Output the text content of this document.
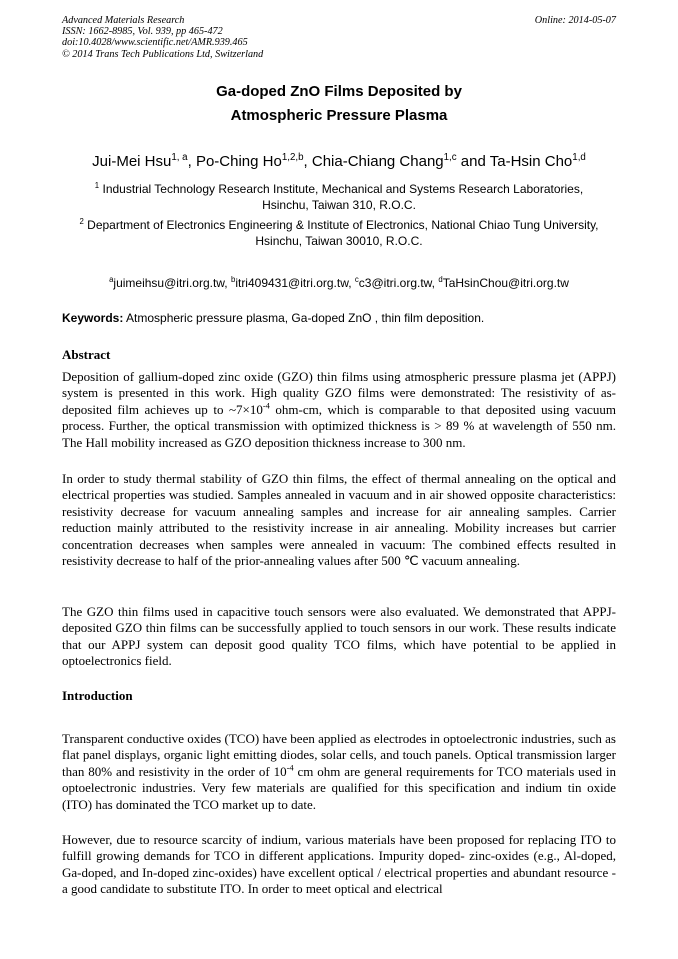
Advanced Materials Research
ISSN: 1662-8985, Vol. 939, pp 465-472
doi:10.4028/www.scientific.net/AMR.939.465
© 2014 Trans Tech Publications Ltd, Switzerland
Online: 2014-05-07
Ga-doped ZnO Films Deposited by
Atmospheric Pressure Plasma
Jui-Mei Hsu$^{1, a}$, Po-Ching Ho$^{1,2,b}$, Chia-Chiang Chang$^{1,c}$ and Ta-Hsin Cho$^{1,d}$
$^1$ Industrial Technology Research Institute, Mechanical and Systems Research Laboratories,
Hsinchu, Taiwan 310, R.O.C.
$^2$ Department of Electronics Engineering & Institute of Electronics, National Chiao Tung University,
Hsinchu, Taiwan 30010, R.O.C.
$^a$juimeihsu@itri.org.tw, $^b$itri409431@itri.org.tw, $^c$c3@itri.org.tw, $^d$TaHsinChou@itri.org.tw
Keywords: Atmospheric pressure plasma, Ga-doped ZnO , thin film deposition.
Abstract
Deposition of gallium-doped zinc oxide (GZO) thin films using atmospheric pressure plasma jet (APPJ) system is presented in this work. High quality GZO films were demonstrated: The resistivity of as-deposited film achieves up to $\sim 7\times 10^{-4}$ ohm-cm, which is comparable to that deposited using vacuum process. Further, the optical transmission with optimized thickness is > 89 % at wavelength of 550 nm. The Hall mobility increased as GZO deposition thickness increase to 300 nm.
In order to study thermal stability of GZO thin films, the effect of thermal annealing on the optical and electrical properties was studied. Samples annealed in vacuum and in air showed opposite characteristics: resistivity decrease for vacuum annealing samples and increase for air annealing samples. Carrier reduction mainly attributed to the resistivity increase in air annealing. Mobility increases but carrier concentration decreases when samples were annealed in vacuum: The combined effects resulted in resistivity decrease to half of the prior-annealing values after 500 ℃ vacuum annealing.
The GZO thin films used in capacitive touch sensors were also evaluated. We demonstrated that APPJ-deposited GZO thin films can be successfully applied to touch sensors in our work. These results indicate that our APPJ system can deposit good quality TCO films, which have potential to be applied in optoelectronics field.
Introduction
Transparent conductive oxides (TCO) have been applied as electrodes in optoelectronic industries, such as flat panel displays, organic light emitting diodes, solar cells, and touch panels. Optical transmission larger than 80% and resistivity in the order of $10^{-4}$ cm ohm are general requirements for TCO materials used in optoelectronic industries. Very few materials are qualified for this specification and indium tin oxide (ITO) has dominated the TCO market up to date.
However, due to resource scarcity of indium, various materials have been proposed for replacing ITO to fulfill growing demands for TCO in different applications. Impurity doped- zinc-oxides (e.g., Al-doped, Ga-doped, and In-doped zinc-oxides) have excellent optical / electrical properties and abundant resource - a good candidate to substitute ITO. In order to meet optical and electrical
